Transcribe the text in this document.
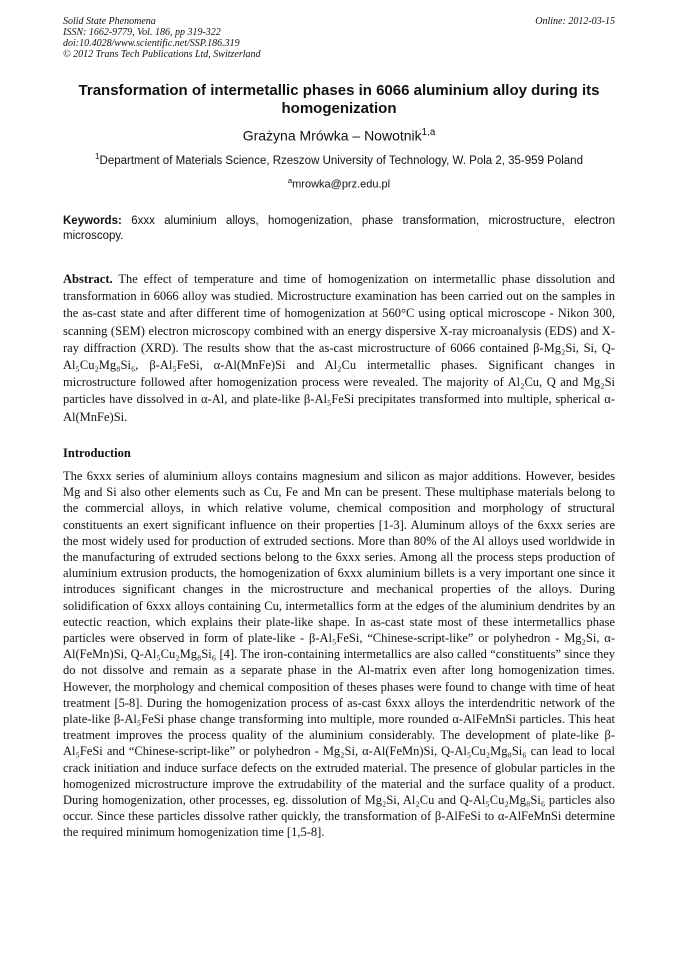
Solid State Phenomena
ISSN: 1662-9779, Vol. 186, pp 319-322
doi:10.4028/www.scientific.net/SSP.186.319
© 2012 Trans Tech Publications Ltd, Switzerland
Online: 2012-03-15
Transformation of intermetallic phases in 6066 aluminium alloy during its homogenization
Grażyna Mrówka – Nowotnik$^{1,a}$
$^1$Department of Materials Science, Rzeszow University of Technology, W. Pola 2, 35-959 Poland
$^a$mrowka@prz.edu.pl
Keywords: 6xxx aluminium alloys, homogenization, phase transformation, microstructure, electron microscopy.
Abstract. The effect of temperature and time of homogenization on intermetallic phase dissolution and transformation in 6066 alloy was studied. Microstructure examination has been carried out on the samples in the as-cast state and after different time of homogenization at 560°C using optical microscope - Nikon 300, scanning (SEM) electron microscopy combined with an energy dispersive X-ray microanalysis (EDS) and X-ray diffraction (XRD). The results show that the as-cast microstructure of 6066 contained β-Mg₂Si, Si, Q-Al₅Cu₂Mg₈Si₆, β-Al₅FeSi, α-Al(MnFe)Si and Al₂Cu intermetallic phases. Significant changes in microstructure followed after homogenization process were revealed. The majority of Al₂Cu, Q and Mg₂Si particles have dissolved in α-Al, and plate-like β-Al₅FeSi precipitates transformed into multiple, spherical α-Al(MnFe)Si.
Introduction
The 6xxx series of aluminium alloys contains magnesium and silicon as major additions. However, besides Mg and Si also other elements such as Cu, Fe and Mn can be present. These multiphase materials belong to the commercial alloys, in which relative volume, chemical composition and morphology of structural constituents an exert significant influence on their properties [1-3]. Aluminum alloys of the 6xxx series are the most widely used for production of extruded sections. More than 80% of the Al alloys used worldwide in the manufacturing of extruded sections belong to the 6xxx series. Among all the process steps production of aluminium extrusion products, the homogenization of 6xxx aluminium billets is a very important one since it introduces significant changes in the microstructure and mechanical properties of the alloys. During solidification of 6xxx alloys containing Cu, intermetallics form at the edges of the aluminium dendrites by an eutectic reaction, which explains their plate-like shape. In as-cast state most of these intermetallics phase particles were observed in form of plate-like - β-Al₅FeSi, “Chinese-script-like” or polyhedron - Mg₂Si, α-Al(FeMn)Si, Q-Al₅Cu₂Mg₈Si₆ [4]. The iron-containing intermetallics are also called “constituents” since they do not dissolve and remain as a separate phase in the Al-matrix even after long homogenization times. However, the morphology and chemical composition of theses phases were found to change with time of heat treatment [5-8]. During the homogenization process of as-cast 6xxx alloys the interdendritic network of the plate-like β-Al₅FeSi phase change transforming into multiple, more rounded α-AlFeMnSi particles. This heat treatment improves the process quality of the aluminium considerably. The development of plate-like β-Al₅FeSi and “Chinese-script-like” or polyhedron - Mg₂Si, α-Al(FeMn)Si, Q-Al₅Cu₂Mg₈Si₆ can lead to local crack initiation and induce surface defects on the extruded material. The presence of globular particles in the homogenized microstructure improve the extrudability of the material and the surface quality of a product. During homogenization, other processes, eg. dissolution of Mg₂Si, Al₂Cu and Q-Al₅Cu₂Mg₈Si₆ particles also occur. Since these particles dissolve rather quickly, the transformation of β-AlFeSi to α-AlFeMnSi determine the required minimum homogenization time [1,5-8].
